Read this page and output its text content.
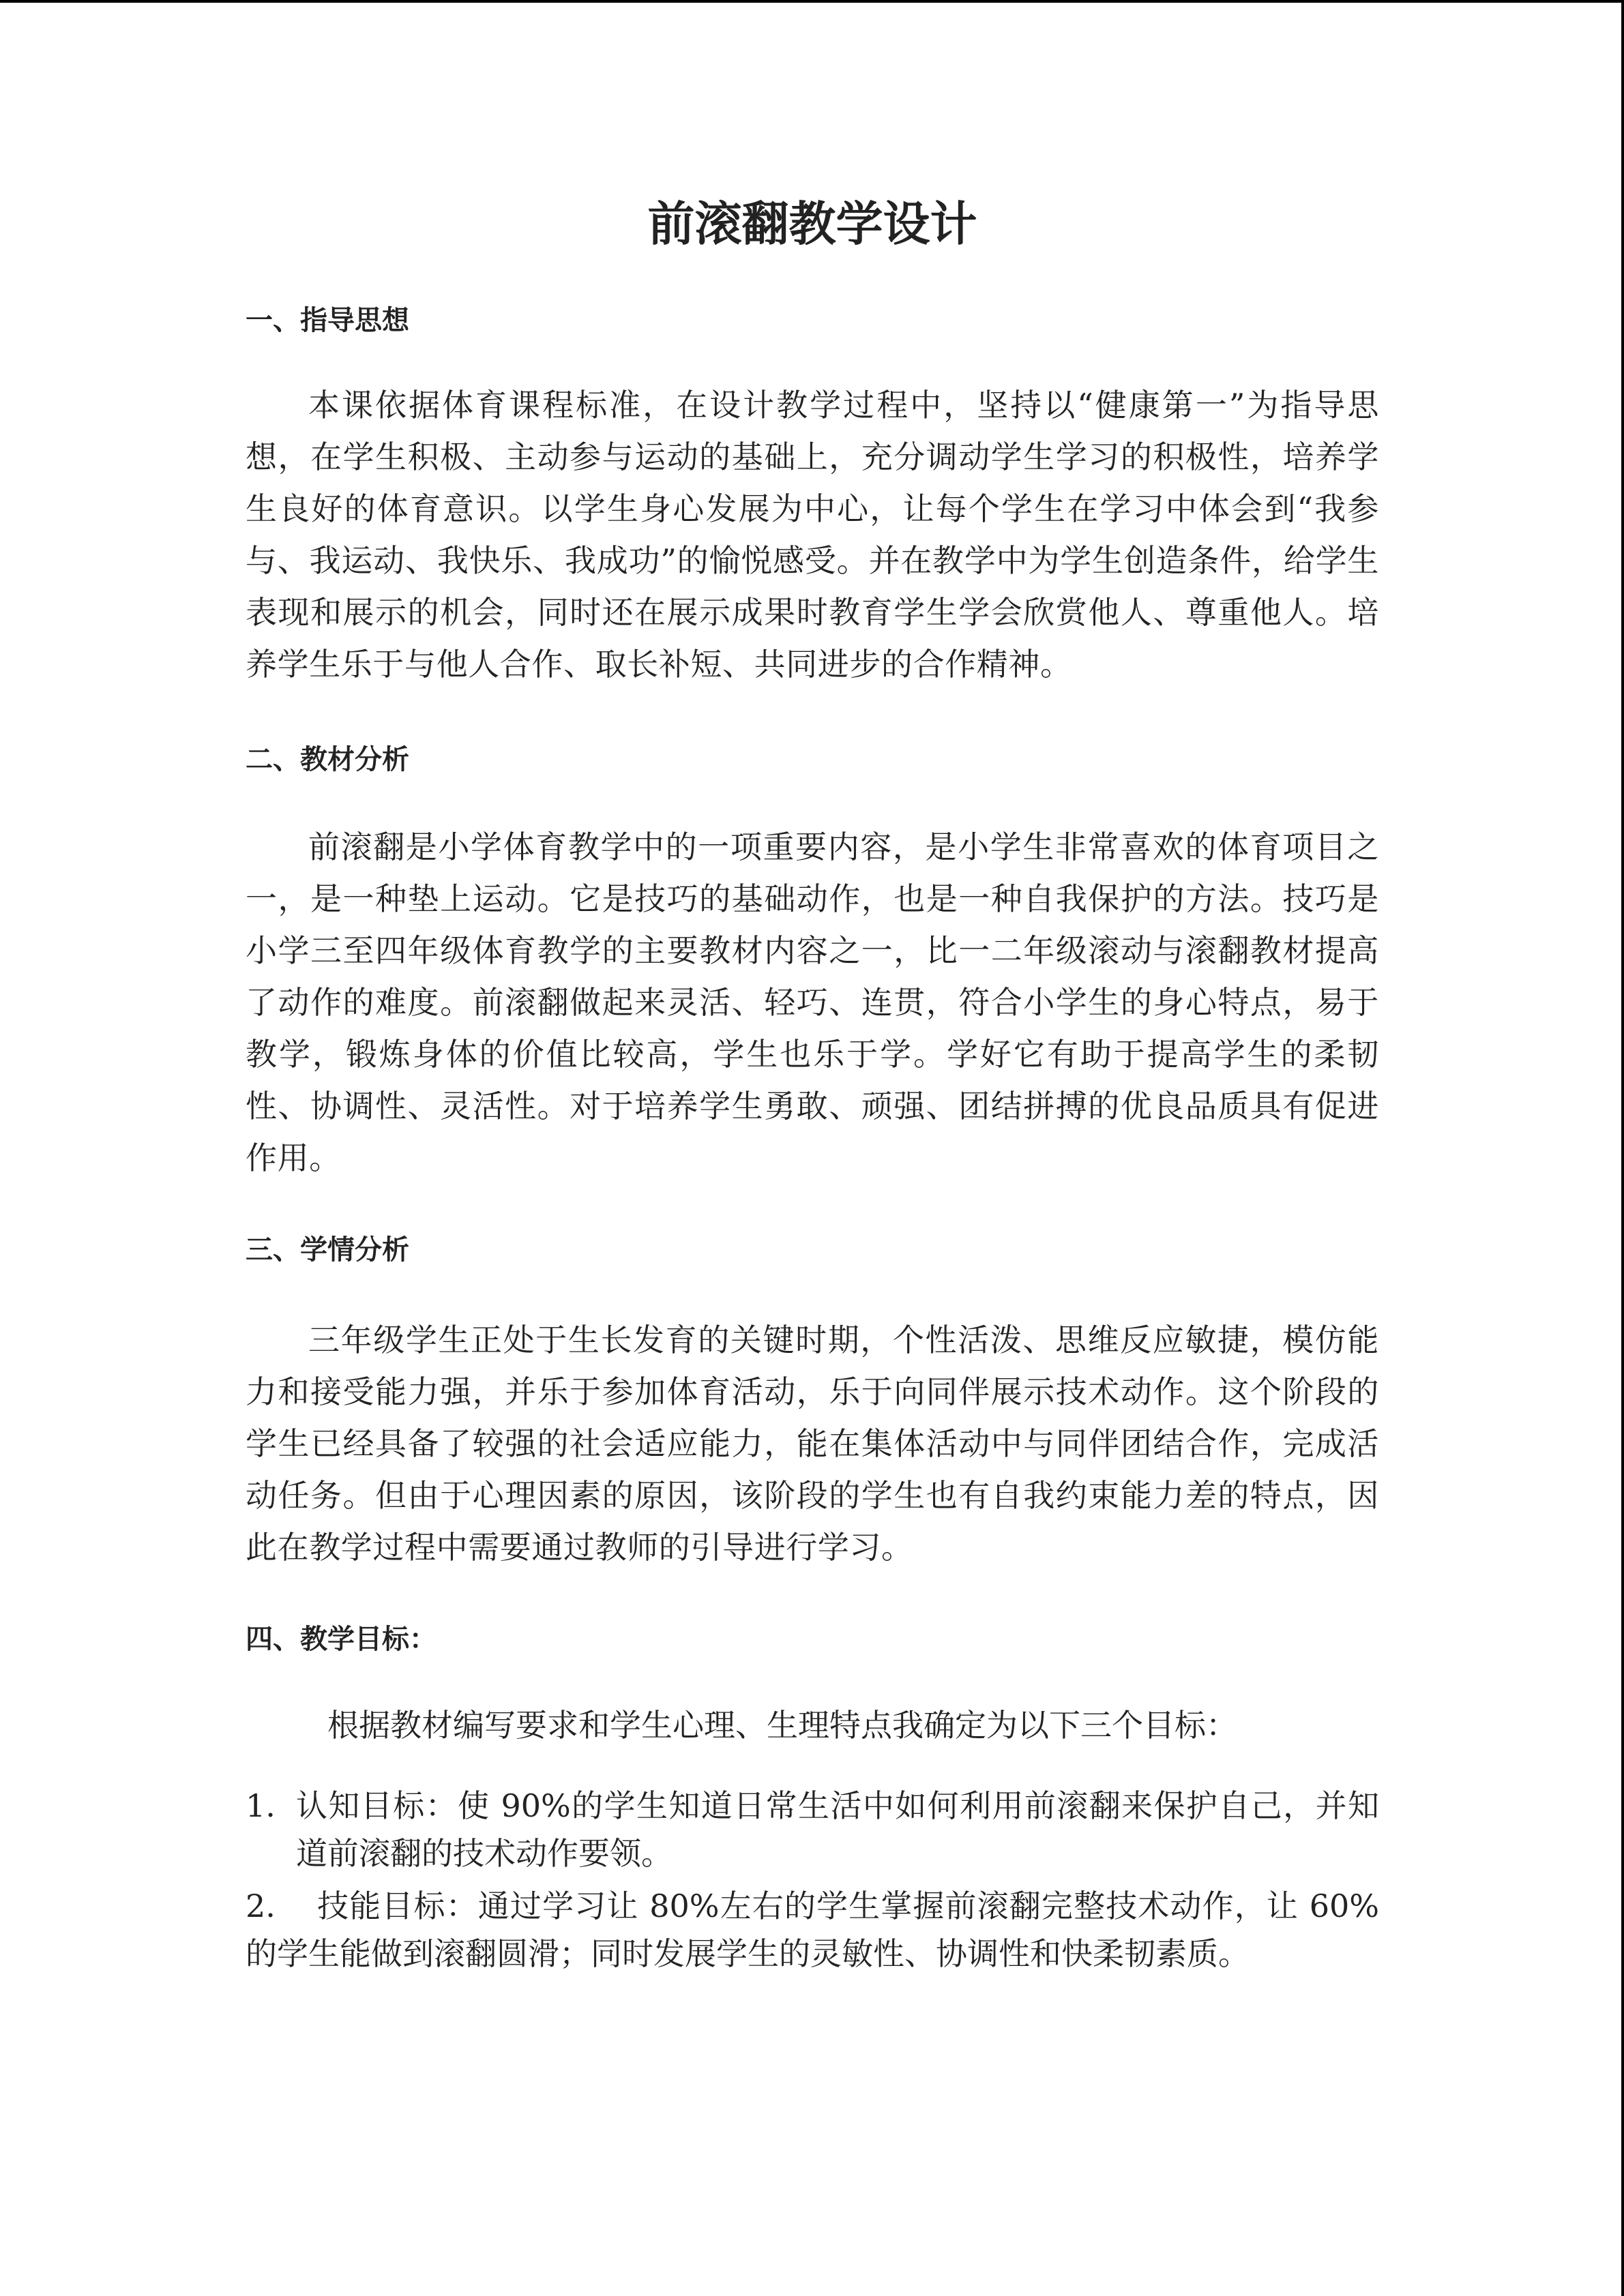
前滚翻教学设计
一、指导思想

本课依据体育课程标准，在设计教学过程中，坚持以“健康第一”为指导思想，在学生积极、主动参与运动的基础上，充分调动学生学习的积极性，培养学生良好的体育意识。以学生身心发展为中心，让每个学生在学习中体会到“我参与、我运动、我快乐、我成功”的愉悦感受。并在教学中为学生创造条件，给学生表现和展示的机会，同时还在展示成果时教育学生学会欣赏他人、尊重他人。培养学生乐于与他人合作、取长补短、共同进步的合作精神。

二、教材分析

前滚翻是小学体育教学中的一项重要内容，是小学生非常喜欢的体育项目之一，是一种垫上运动。它是技巧的基础动作，也是一种自我保护的方法。技巧是小学三至四年级体育教学的主要教材内容之一，比一二年级滚动与滚翻教材提高了动作的难度。前滚翻做起来灵活、轻巧、连贯，符合小学生的身心特点，易于教学，锻炼身体的价值比较高，学生也乐于学。学好它有助于提高学生的柔韧性、协调性、灵活性。对于培养学生勇敢、顽强、团结拼搏的优良品质具有促进作用。

三、学情分析

三年级学生正处于生长发育的关键时期，个性活泼、思维反应敏捷，模仿能力和接受能力强，并乐于参加体育活动，乐于向同伴展示技术动作。这个阶段的学生已经具备了较强的社会适应能力，能在集体活动中与同伴团结合作，完成活动任务。但由于心理因素的原因，该阶段的学生也有自我约束能力差的特点，因此在教学过程中需要通过教师的引导进行学习。

四、教学目标：

根据教材编写要求和学生心理、生理特点我确定为以下三个目标：

1. 认知目标：使 90%的学生知道日常生活中如何利用前滚翻来保护自己，并知道前滚翻的技术动作要领。
2. 技能目标：通过学习让 80%左右的学生掌握前滚翻完整技术动作，让 60%的学生能做到滚翻圆滑；同时发展学生的灵敏性、协调性和快柔韧素质。
